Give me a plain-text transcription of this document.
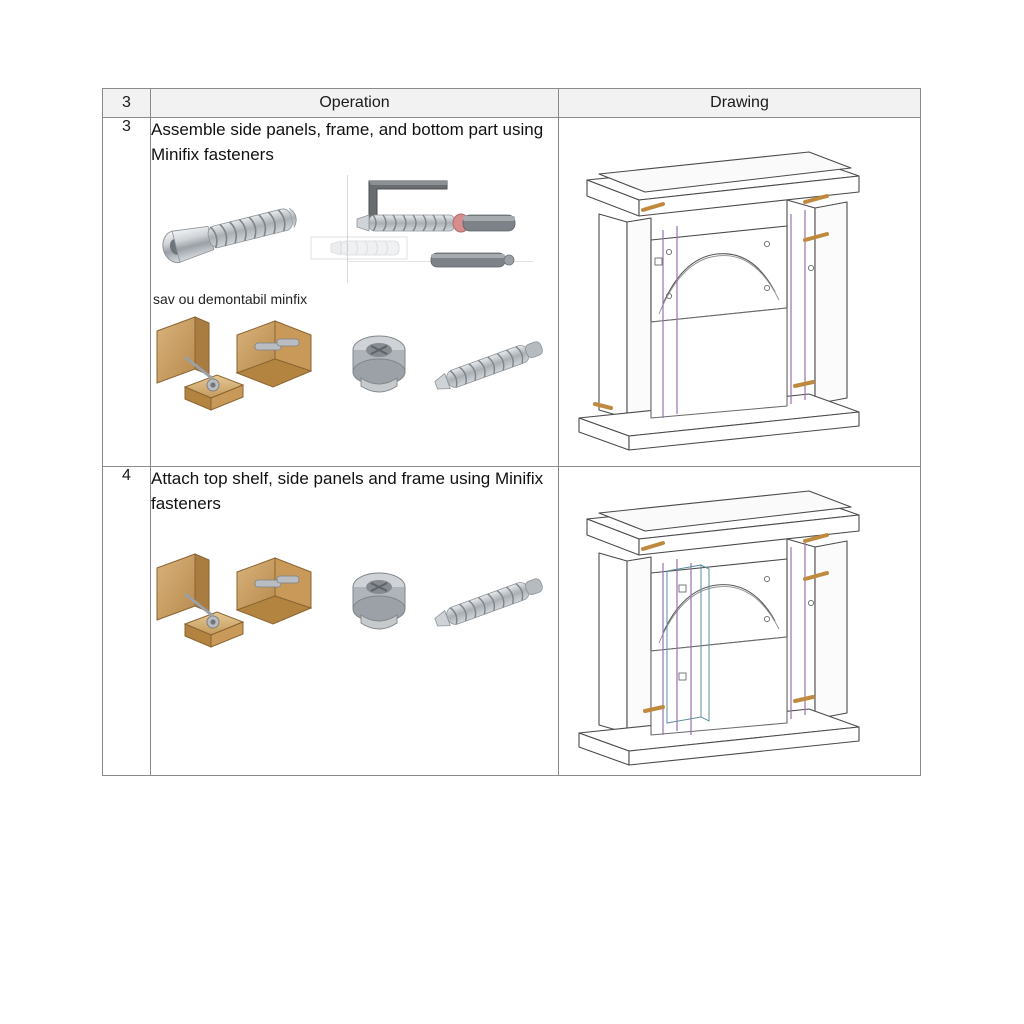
3	Operation	Drawing
3	Assemble side panels, frame, and bottom part using Minifix fasteners

sav ou demontabil minfix

4	Attach top shelf, side panels and frame using Minifix fasteners
